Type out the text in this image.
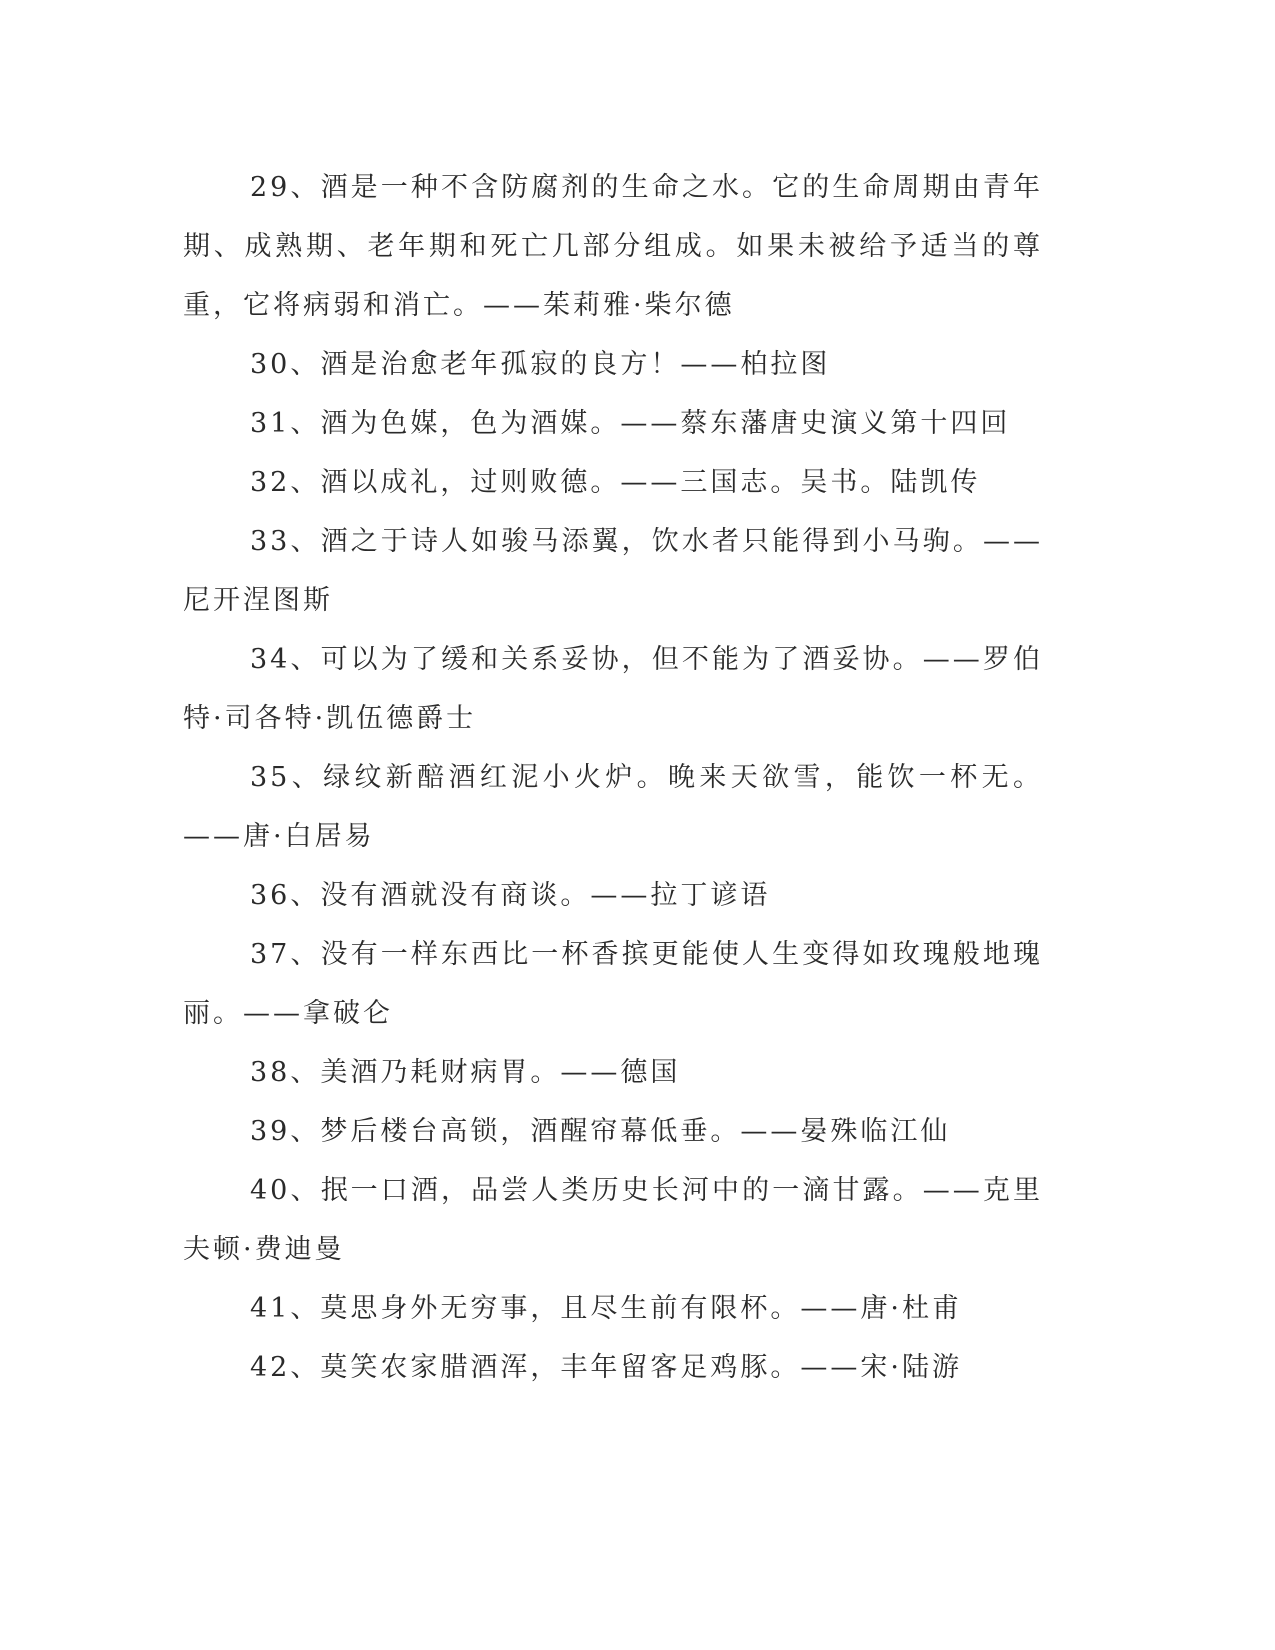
29、酒是一种不含防腐剂的生命之水。它的生命周期由青年期、成熟期、老年期和死亡几部分组成。如果未被给予适当的尊重，它将病弱和消亡。——茱莉雅·柴尔德

30、酒是治愈老年孤寂的良方！——柏拉图

31、酒为色媒，色为酒媒。——蔡东藩唐史演义第十四回

32、酒以成礼，过则败德。——三国志。吴书。陆凯传

33、酒之于诗人如骏马添翼，饮水者只能得到小马驹。——尼开涅图斯

34、可以为了缓和关系妥协，但不能为了酒妥协。——罗伯特·司各特·凯伍德爵士

35、绿纹新醅酒红泥小火炉。晚来天欲雪，能饮一杯无。——唐·白居易

36、没有酒就没有商谈。——拉丁谚语

37、没有一样东西比一杯香摈更能使人生变得如玫瑰般地瑰丽。——拿破仑

38、美酒乃耗财病胃。——德国

39、梦后楼台高锁，酒醒帘幕低垂。——晏殊临江仙

40、抿一口酒，品尝人类历史长河中的一滴甘露。——克里夫顿·费迪曼

41、莫思身外无穷事，且尽生前有限杯。——唐·杜甫

42、莫笑农家腊酒浑，丰年留客足鸡豚。——宋·陆游
